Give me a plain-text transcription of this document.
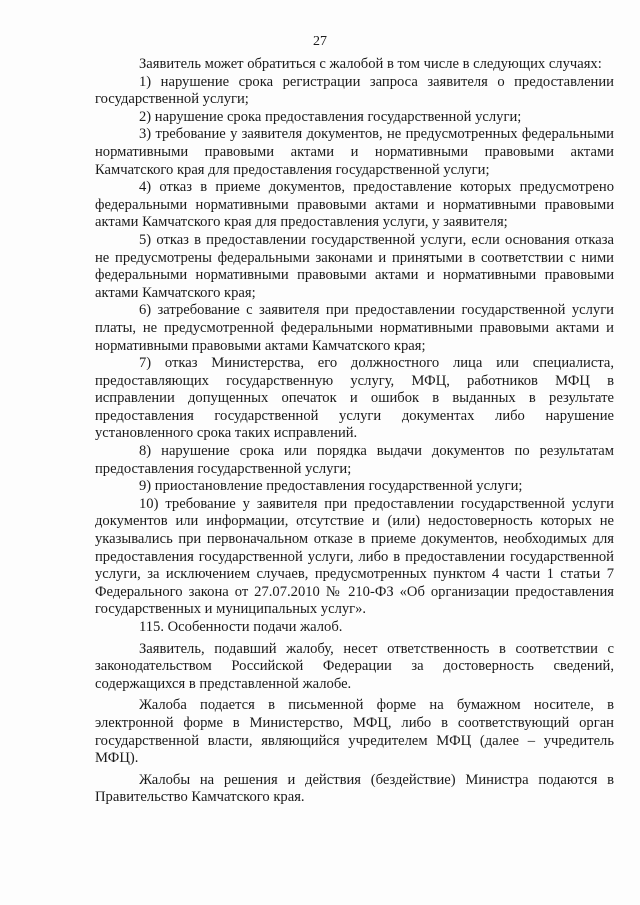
27

Заявитель может обратиться с жалобой в том числе в следующих случаях:

1) нарушение срока регистрации запроса заявителя о предоставлении государственной услуги;

2) нарушение срока предоставления государственной услуги;

3) требование у заявителя документов, не предусмотренных федеральными нормативными правовыми актами и нормативными правовыми актами Камчатского края для предоставления государственной услуги;

4) отказ в приеме документов, предоставление которых предусмотрено федеральными нормативными правовыми актами и нормативными правовыми актами Камчатского края для предоставления услуги, у заявителя;

5) отказ в предоставлении государственной услуги, если основания отказа не предусмотрены федеральными законами и принятыми в соответствии с ними федеральными нормативными правовыми актами и нормативными правовыми актами Камчатского края;

6) затребование с заявителя при предоставлении государственной услуги платы, не предусмотренной федеральными нормативными правовыми актами и нормативными правовыми актами Камчатского края;

7) отказ Министерства, его должностного лица или специалиста, предоставляющих государственную услугу, МФЦ, работников МФЦ в исправлении допущенных опечаток и ошибок в выданных в результате предоставления государственной услуги документах либо нарушение установленного срока таких исправлений.

8) нарушение срока или порядка выдачи документов по результатам предоставления государственной услуги;

9) приостановление предоставления государственной услуги;

10) требование у заявителя при предоставлении государственной услуги документов или информации, отсутствие и (или) недостоверность которых не указывались при первоначальном отказе в приеме документов, необходимых для предоставления государственной услуги, либо в предоставлении государственной услуги, за исключением случаев, предусмотренных пунктом 4 части 1 статьи 7 Федерального закона от 27.07.2010 № 210-ФЗ «Об организации предоставления государственных и муниципальных услуг».

115. Особенности подачи жалоб.

Заявитель, подавший жалобу, несет ответственность в соответствии с законодательством Российской Федерации за достоверность сведений, содержащихся в представленной жалобе.

Жалоба подается в письменной форме на бумажном носителе, в электронной форме в Министерство, МФЦ, либо в соответствующий орган государственной власти, являющийся учредителем МФЦ (далее – учредитель МФЦ).

Жалобы на решения и действия (бездействие) Министра подаются в Правительство Камчатского края.
